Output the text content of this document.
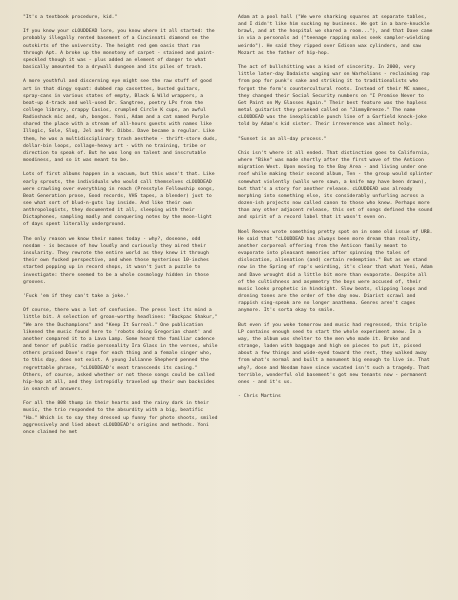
"It's a textbook procedure, kid."

If you know your cLOUDDEAD lore, you know where it all started: the probably illegally rented basement of a Cincinnati diamond on the outskirts of the university. The height red gem oasis that ran through Apt. A broke up the monotony of carpet - stained and paint-speckled though it was - plus added an element of danger to what basically amounted to a drywall dungeon and its piles of trash.

A more youthful and discerning eye might see the raw stuff of good art in that dingy squat: dubbed rap cassettes, busted guitars, spray-cans in various states of empty, Black & Wild wrappers, a beat-up 4-track and well-used Dr. Sangtree, poetry LPs from the college library, crappy Casios, crumpled Circle K cups, an awful Radioshack mic and, uh, bongos. Yoni, Adam and a cat named Purple shared the place with a stream of all-hours guests with names like Illogic, Sole, Slug, Jel and Mr. Dibbs. Dave became a regular. Like them, he was a multidisciplinary trash aesthete - thrift-store duds, dollar-bin loops, collage-heavy art - with no training, tribe or direction to speak of. But he was long on talent and inscrutable moodiness, and so it was meant to be.

Lots of first albums happen in a vacuum, but this wasn't that. Like early sprouts, the individuals who would call themselves cLOUDDEAD were crawling over everything in reach (Presstyle Fellowship songs, Beat Generation prose, Good records, VHS tapes, a blender) just to see what sort of blud-n-guts lay inside. And like their own anthropologists, they documented it all, sleeping with their Dictaphones, sampling madly and conquering notes by the moon-light of days spent literally underground.

The only reason we know their names today - why?, doseone, odd nosdam - is because of how loudly and curiously they aired their insularity. They rewrote the entire world as they knew it through their own fucked perspective, and when those mysterious 10-inches started popping up in record shops, it wasn't just a puzzle to investigate: there seemed to be a whole cosmology hidden in those grooves.

'Fuck 'em if they can't take a joke.'

Of course, there was a lot of confusion. The press lost its mind a little bit. A selection of groan-worthy headlines: "Backpac Shakur," "We are the Duchampions" and "Keep It Surreal." One publication likened the music found here to 'robots doing Gregorian chant' and another compared it to a Lava Lamp. Some heard the familiar cadence and tenor of public radio personality Ira Glass in the verses, while others praised Dave's rage for each thing and a female singer who, to this day, does not exist. A young Julianne Shepherd penned the regrettable phrase, "cLOUDDEAD's meat transcends its casing." Others, of course, asked whether or not these songs could be called hip-hop at all, and they intrepidly traveled up their own backsides in search of answers.

For all the 808 thump in their hearts and the rainy dark in their music, the trio responded to the absurdity with a big, beatific "Ha." Which is to say they dressed up funny for photo shoots, smiled aggressively and lied about cLOUDDEAD's origins and methods. Yoni once claimed he met

Adam at a pool hall ("We were sharking squares at separate tables, and I didn't like him sucking my business. We got in a bare-knuckle brawl, and at the hospital we shared a room..."), and that Dave came in via a personals ad ("teenage rapping males seek sampler-wielding weirdo"). He said they ripped over Edison wax cylinders, and saw Mozart as the father of hip-hop.

The act of bullshitting was a kind of sincerity. In 2000, very little later-day Dadaists waging war on Warholians - reclaiming rap from pop for punk's sake and striking it to traditionalists who forgot the form's countercultural roots. Instead of their MC names, they changed their Social Security numbers on "I Promise Never to Get Paint on My Glasses Again." Their best feature was the hapless metal guitarist they pranked called on "JimmyBreeze." The name cLOUDDEAD was the inexplicable punch line of a Garfield knock-joke told by Adam's kid sister. Their irreverence was almost holy.

"Sunset is an all-day process."

Chis isn't where it all ended. That distinction goes to California, where "Bike" was made shortly after the first wave of the Anticon migration West. Upon moving to the Bay Area - and living under one roof while making their second album, Ten - the group would splinter somewhat violently (walls were sawn, a knife may have been drawn), but that's a story for another release. cLOUDDEAD was already morphing into something else, its considerably unfurling across a dozen-ish projects now called canon to those who knew. Perhaps more than any other adjacent release, this set of songs defined the sound and spirit of a record label that it wasn't even on.

Noel Reeves wrote something pretty spot on in some old issue of URB. He said that "cLOUDDEAD has always been more dream than reality, another corporeal offering from the Anticon family meant to evaporate into pleasant memories after spinning the tales of dislocation, alienation (and) certain redemption." But as we stand now in the Spring of rap's weirding, it's clear that what Yoni, Adam and Dave wrought did a little bit more than evaporate. Despite all of the cultishness and asymmetry the boys were accused of, their music looks prophetic in hindsight. Slow beats, slipping loops and droning tones are the order of the day now. Diarist scrawl and rappish sing-speak are no longer anathema. Genres aren't cages anymore. It's sorta okay to smile.

But even if you woke tomorrow and music had regressed, this triple LP contains enough seed to start the whole experiment anew. In a way, the album was shelter to the men who made it. Broke and strange, laden with baggage and high on pieces to put it, pissed about a few things and wide-eyed toward the rest, they walked away from what's normal and built a monument big enough to live in. That why?, dose and Nosdam have since vacated isn't such a tragedy. That terrible, wonderful old basement's got new tenants now - permanent ones - and it's us.

- Chris Martins
